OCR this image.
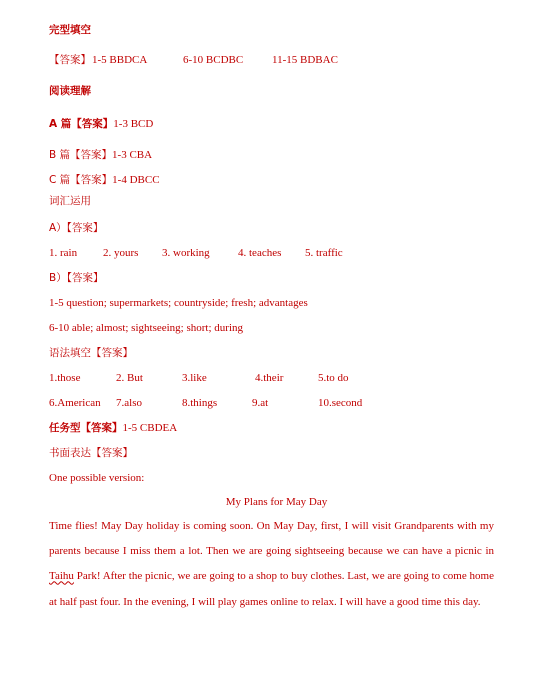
完型填空
【答案】 1-5 BBDCA	6-10 BCDBC	11-15 BDBAC
阅读理解
A 篇【答案】1-3 BCD
B 篇【答案】1-3 CBA
C 篇【答案】1-4 DBCC
词汇运用
A）【答案】
1. rain 2. yours 3. working	4. teaches 5. traffic
B）【答案】
1-5 question; supermarkets; countryside; fresh; advantages
6-10 able; almost; sightseeing; short; during
语法填空【答案】
1.those	2. But	3.like	4.their	5.to do
6.American 7.also	8.things	9.at	10.second
任务型【答案】1-5 CBDEA
书面表达【答案】
One possible version:
My Plans for May Day
Time flies! May Day holiday is coming soon. On May Day, first, I will visit Grandparents with my parents because I miss them a lot. Then we are going sightseeing because we can have a picnic in Taihu Park! After the picnic, we are going to a shop to buy clothes. Last, we are going to come home at half past four. In the evening, I will play games online to relax. I will have a good time this day.
